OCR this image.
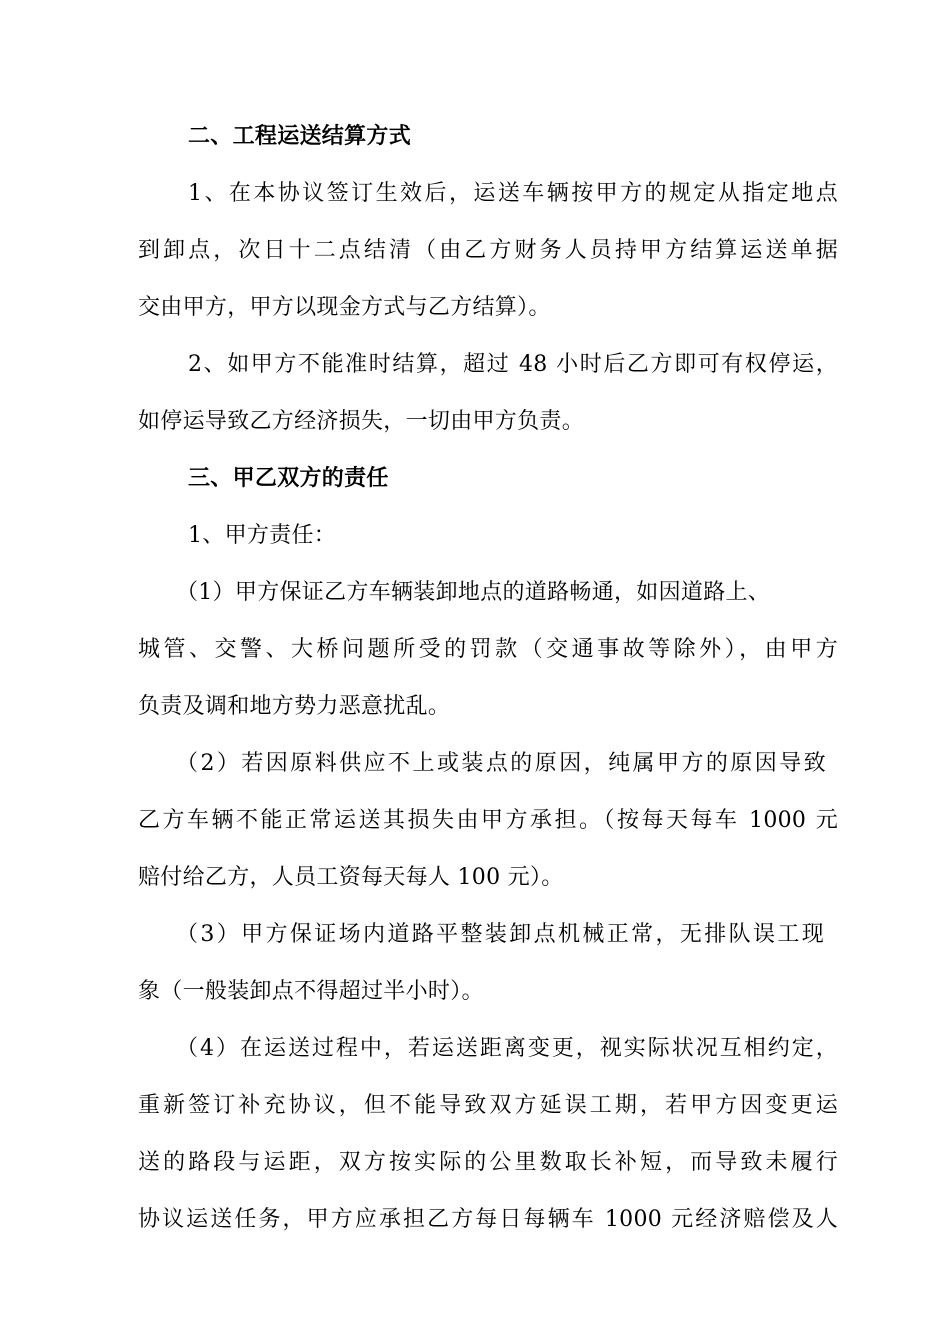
二、工程运送结算方式
1、在本协议签订生效后，运送车辆按甲方的规定从指定地点
到卸点，次日十二点结清（由乙方财务人员持甲方结算运送单据
交由甲方，甲方以现金方式与乙方结算）。
2、如甲方不能准时结算，超过 48 小时后乙方即可有权停运，
如停运导致乙方经济损失，一切由甲方负责。
三、甲乙双方的责任
1、甲方责任：
（1）甲方保证乙方车辆装卸地点的道路畅通，如因道路上、
城管、交警、大桥问题所受的罚款（交通事故等除外），由甲方
负责及调和地方势力恶意扰乱。
（2）若因原料供应不上或装点的原因，纯属甲方的原因导致
乙方车辆不能正常运送其损失由甲方承担。（按每天每车 1000 元
赔付给乙方，人员工资每天每人 100 元）。
（3）甲方保证场内道路平整装卸点机械正常，无排队误工现
象（一般装卸点不得超过半小时）。
（4）在运送过程中，若运送距离变更，视实际状况互相约定，
重新签订补充协议，但不能导致双方延误工期，若甲方因变更运
送的路段与运距，双方按实际的公里数取长补短，而导致未履行
协议运送任务，甲方应承担乙方每日每辆车 1000 元经济赔偿及人
